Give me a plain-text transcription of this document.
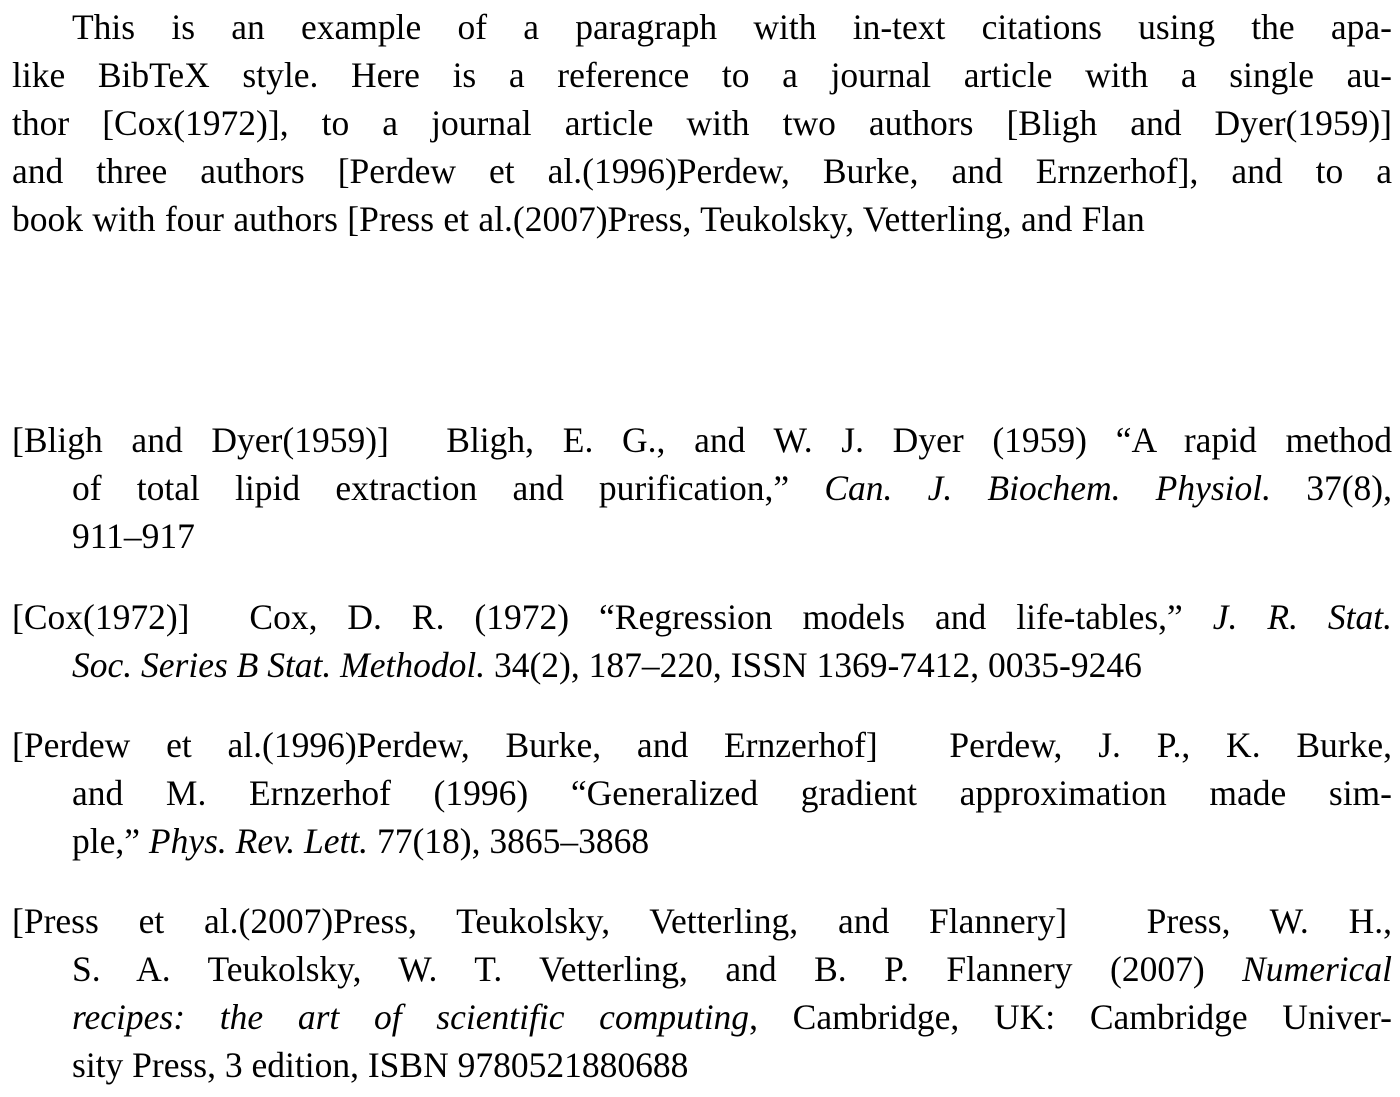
This is an example of a paragraph with in-text citations using the apa-
like BibTeX style. Here is a reference to a journal article with a single au-
thor [Cox(1972)], to a journal article with two authors [Bligh and Dyer(1959)]
and three authors [Perdew et al.(1996)Perdew, Burke, and Ernzerhof], and to a
book with four authors [Press et al.(2007)Press, Teukolsky, Vetterling, and Flan
[Bligh and Dyer(1959)] Bligh, E. G., and W. J. Dyer (1959) “A rapid method
of total lipid extraction and purification,” Can. J. Biochem. Physiol. 37(8),
911–917
[Cox(1972)] Cox, D. R. (1972) “Regression models and life-tables,” J. R. Stat.
Soc. Series B Stat. Methodol. 34(2), 187–220, ISSN 1369-7412, 0035-9246
[Perdew et al.(1996)Perdew, Burke, and Ernzerhof] Perdew, J. P., K. Burke,
and M. Ernzerhof (1996) “Generalized gradient approximation made sim-
ple,” Phys. Rev. Lett. 77(18), 3865–3868
[Press et al.(2007)Press, Teukolsky, Vetterling, and Flannery] Press, W. H.,
S. A. Teukolsky, W. T. Vetterling, and B. P. Flannery (2007) Numerical
recipes: the art of scientific computing, Cambridge, UK: Cambridge Univer-
sity Press, 3 edition, ISBN 9780521880688
